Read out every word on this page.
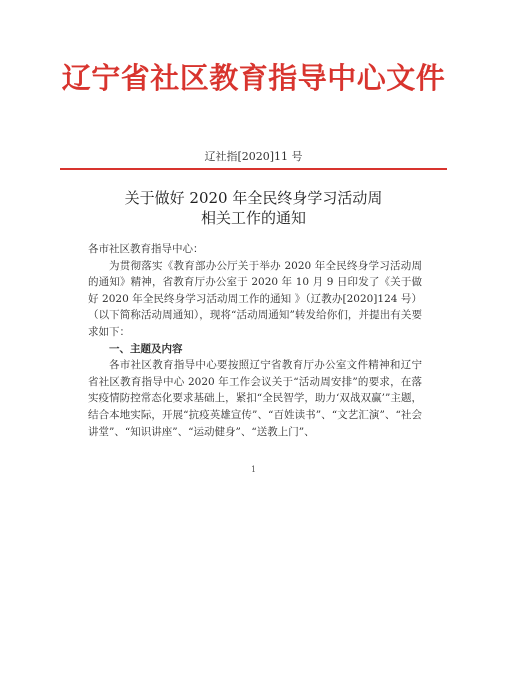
辽宁省社区教育指导中心文件
辽社指[2020]11 号
关于做好 2020 年全民终身学习活动周
相关工作的通知

各市社区教育指导中心：

为贯彻落实《教育部办公厅关于举办 2020 年全民终身学习活动周的通知》精神，省教育厅办公室于 2020 年 10 月 9 日印发了《关于做好 2020 年全民终身学习活动周工作的通知 》（辽教办[2020]124 号）（以下简称活动周通知），现将“活动周通知”转发给你们，并提出有关要求如下：

一、主题及内容

各市社区教育指导中心要按照辽宁省教育厅办公室文件精神和辽宁省社区教育指导中心 2020 年工作会议关于“活动周安排”的要求，在落实疫情防控常态化要求基础上，紧扣“全民智学，助力‘双战双赢’”主题，结合本地实际，开展“抗疫英雄宣传”、“百姓读书”、“文艺汇演”、“社会讲堂”、“知识讲座”、“运动健身”、“送教上门”、

1
